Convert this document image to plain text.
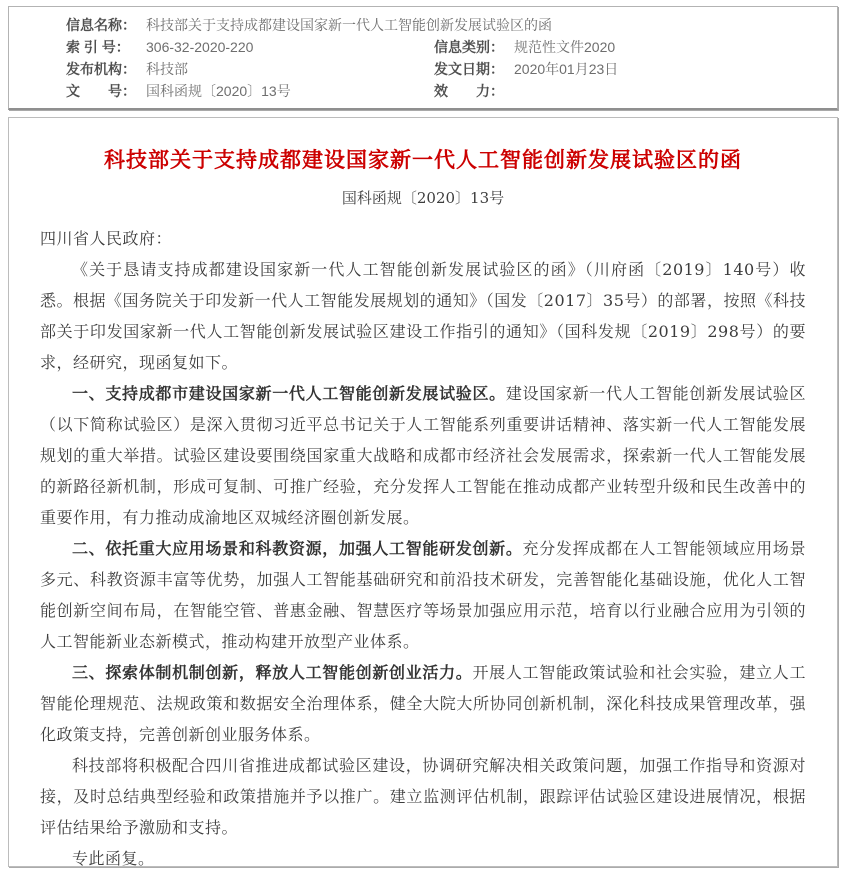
信息名称： 科技部关于支持成都建设国家新一代人工智能创新发展试验区的函
索 引 号：	306-32-2020-220	信息类别： 规范性文件2020
发布机构： 科技部	发文日期： 2020年01月23日
文　　号： 国科函规〔2020〕13号	效　　力：
科技部关于支持成都建设国家新一代人工智能创新发展试验区的函
国科函规〔2020〕13号
四川省人民政府：

《关于恳请支持成都建设国家新一代人工智能创新发展试验区的函》（川府函〔2019〕140号）收悉。根据《国务院关于印发新一代人工智能发展规划的通知》（国发〔2017〕35号）的部署，按照《科技部关于印发国家新一代人工智能创新发展试验区建设工作指引的通知》（国科发规〔2019〕298号）的要求，经研究，现函复如下。

一、支持成都市建设国家新一代人工智能创新发展试验区。建设国家新一代人工智能创新发展试验区（以下简称试验区）是深入贯彻习近平总书记关于人工智能系列重要讲话精神、落实新一代人工智能发展规划的重大举措。试验区建设要围绕国家重大战略和成都市经济社会发展需求，探索新一代人工智能发展的新路径新机制，形成可复制、可推广经验，充分发挥人工智能在推动成都产业转型升级和民生改善中的重要作用，有力推动成渝地区双城经济圈创新发展。

二、依托重大应用场景和科教资源，加强人工智能研发创新。充分发挥成都在人工智能领域应用场景多元、科教资源丰富等优势，加强人工智能基础研究和前沿技术研发，完善智能化基础设施，优化人工智能创新空间布局，在智能空管、普惠金融、智慧医疗等场景加强应用示范，培育以行业融合应用为引领的人工智能新业态新模式，推动构建开放型产业体系。

三、探索体制机制创新，释放人工智能创新创业活力。开展人工智能政策试验和社会实验，建立人工智能伦理规范、法规政策和数据安全治理体系，健全大院大所协同创新机制，深化科技成果管理改革，强化政策支持，完善创新创业服务体系。

科技部将积极配合四川省推进成都试验区建设，协调研究解决相关政策问题，加强工作指导和资源对接，及时总结典型经验和政策措施并予以推广。建立监测评估机制，跟踪评估试验区建设进展情况，根据评估结果给予激励和支持。

专此函复。
